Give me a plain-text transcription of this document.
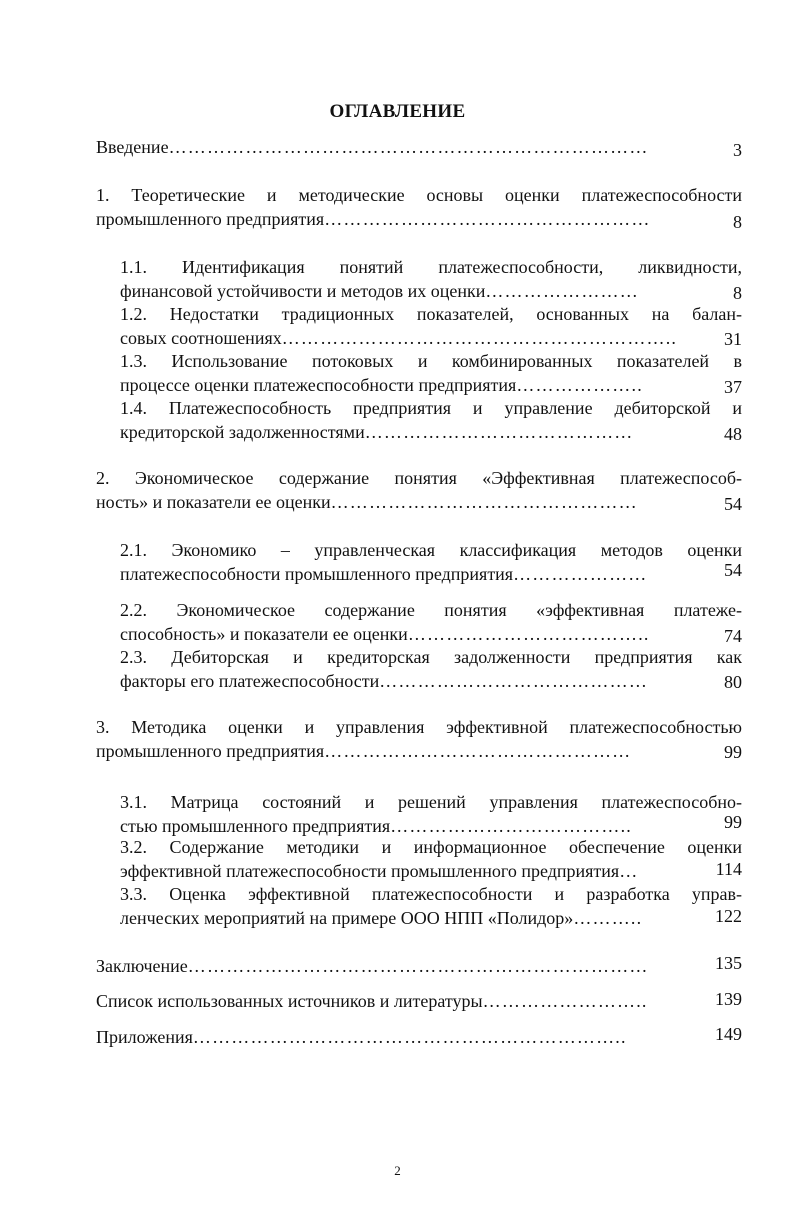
ОГЛАВЛЕНИЕ
Введение …………………………………………………………………	3
1. Теоретические и методические основы оценки платежеспособности
промышленного предприятия ……………………………………………	8
1.1. Идентификация понятий платежеспособности, ликвидности,
финансовой устойчивости и методов их оценки ……………………	8
1.2. Недостатки традиционных показателей, основанных на балан-
совых соотношениях ……………………………………………………..	31
1.3. Использование потоковых и комбинированных показателей в
процессе оценки платежеспособности предприятия ………………..	37
1.4. Платежеспособность предприятия и управление дебиторской и
кредиторской задолженностями ……………………………………	48
2. Экономическое содержание понятия «Эффективная платежеспособ-
ность» и показатели ее оценки …………………………………………	54
2.1. Экономико – управленческая классификация методов оценки
платежеспособности промышленного предприятия …………………	54
2.2. Экономическое содержание понятия «эффективная платеже-
способность» и показатели ее оценки ………………………………..	74
2.3. Дебиторская и кредиторская задолженности предприятия как
факторы его платежеспособности ……………………………………	80
3. Методика оценки и управления эффективной платежеспособностью
промышленного предприятия …………………………………………	99
3.1. Матрица состояний и решений управления платежеспособно-
стью промышленного предприятия ………………………………..	99
3.2. Содержание методики и информационное обеспечение оценки
эффективной платежеспособности промышленного предприятия …	114
3.3. Оценка эффективной платежеспособности и разработка управ-
ленческих мероприятий на примере ООО НПП «Полидор» ………..	122
Заключение ………………………………………………………………	135
Список использованных источников и литературы ……………………..	139
Приложения …………………………………………………………..	149
2
